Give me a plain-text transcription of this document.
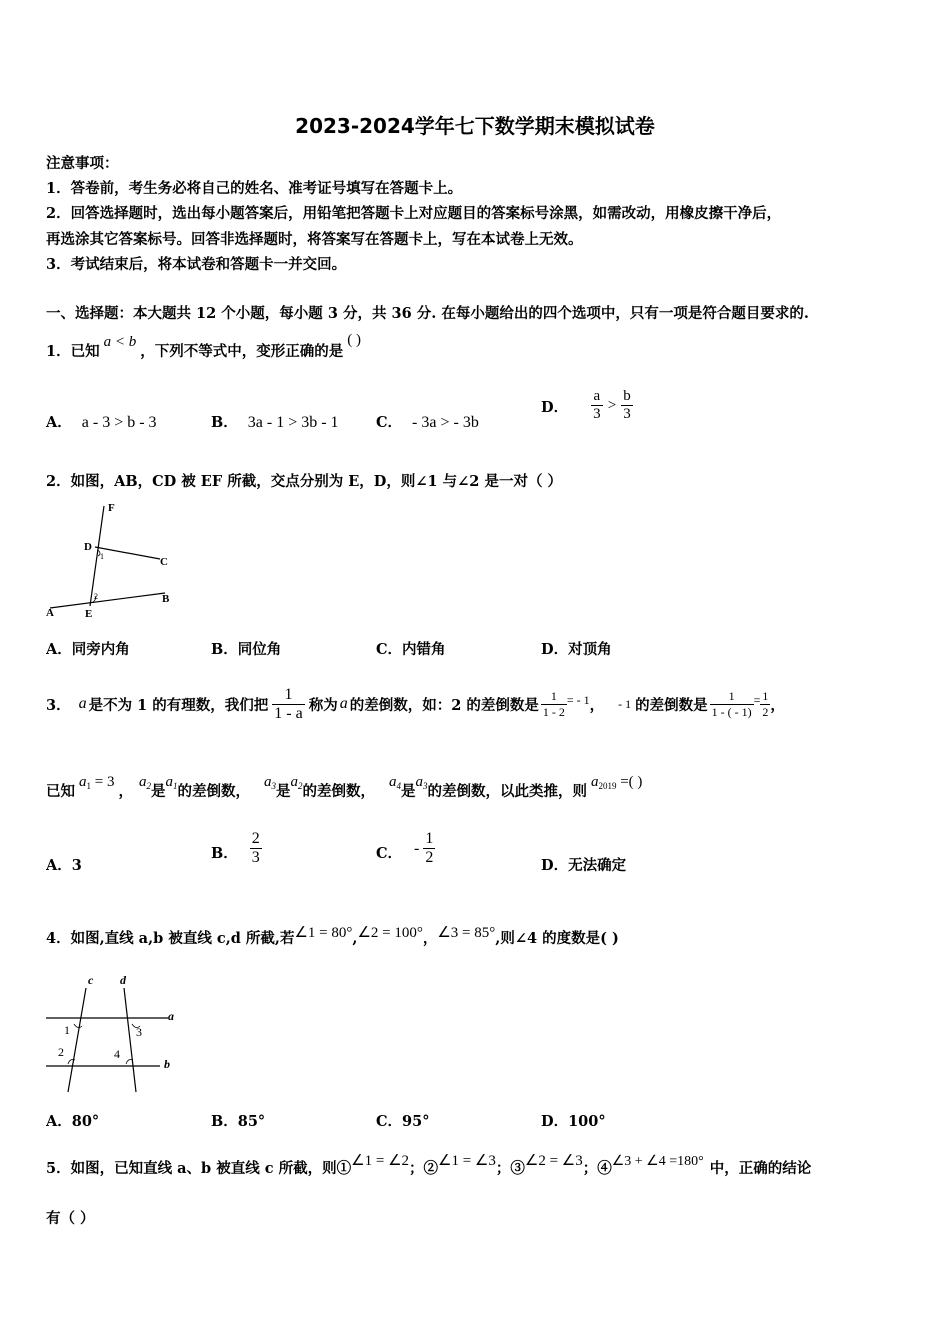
2023-2024学年七下数学期末模拟试卷
注意事项：
1．答卷前，考生务必将自己的姓名、准考证号填写在答题卡上。
2．回答选择题时，选出每小题答案后，用铅笔把答题卡上对应题目的答案标号涂黑，如需改动，用橡皮擦干净后，
再选涂其它答案标号。回答非选择题时，将答案写在答题卡上，写在本试卷上无效。
3．考试结束后，将本试卷和答题卡一并交回。
一、选择题：本大题共 12 个小题，每小题 3 分，共 36 分. 在每小题给出的四个选项中，只有一项是符合题目要求的.
1．已知a < b，下列不等式中，变形正确的是( )
A． a - 3 > b - 3	B． 3a - 1 > 3b - 1	C． - 3a > - 3b
D． $\frac{a}{3} > \frac{b}{3}$
2．如图，AB，CD 被 EF 所截，交点分别为 E，D，则∠1 与∠2 是一对（ ）
F
D
C
B
A	E
1
2
A．同旁内角	B．同位角	C．内错角	D．对顶角
3． a 是不为 1 的有理数，我们把 $\frac{1}{1 - a}$ 称为 a 的差倒数，如：2 的差倒数是 $\frac{1}{1 - 2}$ = - 1 ， - 1 的差倒数是 $\frac{1}{1 - ( - 1)} = \frac{1}{2}$ ，
已知
$a_1 = 3$
，
$a_2$ 是
$a_1$ 的差倒数，
$a_3$ 是
$a_2$ 的差倒数，
$a_4$ 是
$a_3$ 的差倒数，以此类推，则
$a_{2019}$ =( )
A．3
B． $\frac{2}{3}$	C． - $\frac{1}{2}$	D．无法确定
4．如图,直线 a,b 被直线 c,d 所截,若∠1 = 80°,∠2 = 100°，∠3 = 85°,则∠4 的度数是( )
c d
a
b
1
2
3
4
A．80°	B．85°	C．95°	D．100°
5．如图，已知直线 a、b 被直线 c 所截，则①∠1 = ∠2；②∠1 = ∠3；③∠2 = ∠3；④∠3 + ∠4 =180° 中，正确的结论
有（ ）
